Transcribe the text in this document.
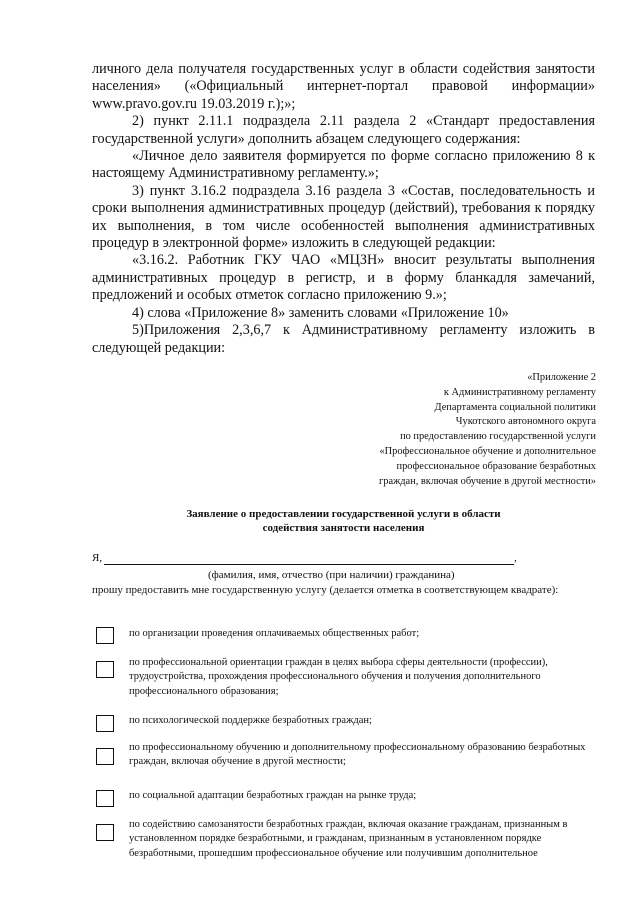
личного дела получателя государственных услуг в области содействия занятости населения» («Официальный интернет-портал правовой информации» www.pravo.gov.ru 19.03.2019 г.);»;

2) пункт 2.11.1 подраздела 2.11 раздела 2 «Стандарт предоставления государственной услуги» дополнить абзацем следующего содержания:

«Личное дело заявителя формируется по форме согласно приложению 8 к настоящему Административному регламенту.»;

3) пункт 3.16.2 подраздела 3.16 раздела 3 «Состав, последовательность и сроки выполнения административных процедур (действий), требования к порядку их выполнения, в том числе особенностей выполнения административных процедур в электронной форме» изложить в следующей редакции:

«3.16.2. Работник ГКУ ЧАО «МЦЗН» вносит результаты выполнения административных процедур в регистр, и в форму бланкадля замечаний, предложений и особых отметок согласно приложению 9.»;

4) слова «Приложение 8» заменить словами «Приложение 10»

5)Приложения 2,3,6,7 к Административному регламенту изложить в следующей редакции:

«Приложение 2
к Административному регламенту
Департамента социальной политики
Чукотского автономного округа
по предоставлению государственной услуги
«Профессиональное обучение и дополнительное
профессиональное образование безработных
граждан, включая обучение в другой местности»
Заявление о предоставлении государственной услуги в области
содействия занятости населения
Я,	,
(фамилия, имя, отчество (при наличии) гражданина)
прошу предоставить мне государственную услугу (делается отметка в соответствующем квадрате):
по организации проведения оплачиваемых общественных работ;
по профессиональной ориентации граждан в целях выбора сферы деятельности (профессии), трудоустройства, прохождения профессионального обучения и получения дополнительного профессионального образования;
по психологической поддержке безработных граждан;
по профессиональному обучению и дополнительному профессиональному образованию безработных граждан, включая обучение в другой местности;
по социальной адаптации безработных граждан на рынке труда;
по содействию самозанятости безработных граждан, включая оказание гражданам, признанным в установленном порядке безработными, и гражданам, признанным в установленном порядке безработными, прошедшим профессиональное обучение или получившим дополнительное
